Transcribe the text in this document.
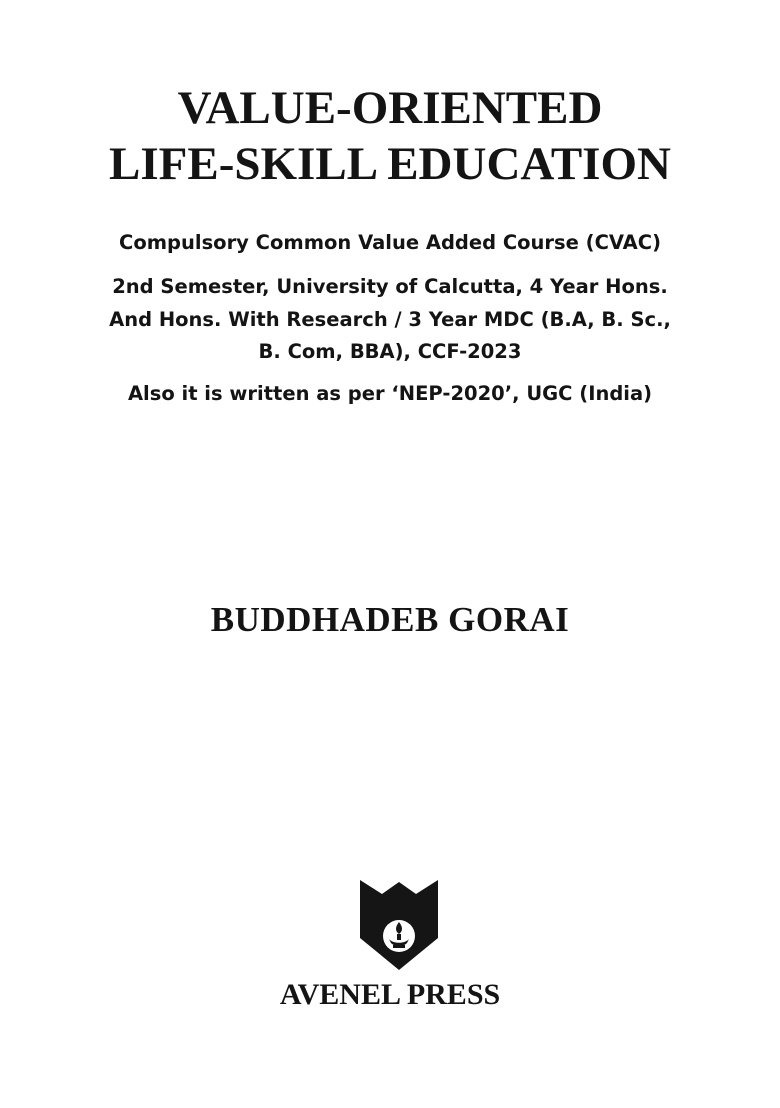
VALUE-ORIENTED
LIFE-SKILL EDUCATION
Compulsory Common Value Added Course (CVAC)
2nd Semester, University of Calcutta, 4 Year Hons.
And Hons. With Research / 3 Year MDC (B.A, B. Sc.,
B. Com, BBA), CCF-2023
Also it is written as per ‘NEP-2020’, UGC (India)
BUDDHADEB GORAI
AVENEL PRESS
